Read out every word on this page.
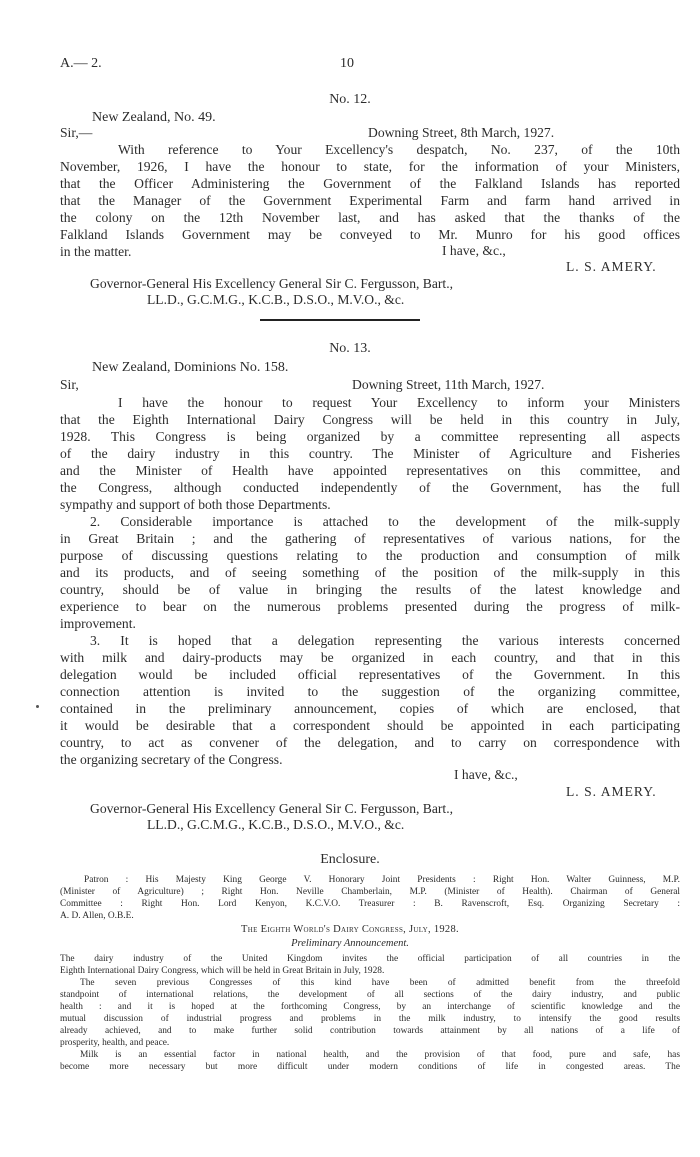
A.— 2.	10
No. 12.
New Zealand, No. 49.
Sir,—	Downing Street, 8th March, 1927.
With reference to Your Excellency's despatch, No. 237, of the 10th
November, 1926, I have the honour to state, for the information of your Ministers,
that the Officer Administering the Government of the Falkland Islands has reported
that the Manager of the Government Experimental Farm and farm hand arrived in
the colony on the 12th November last, and has asked that the thanks of the
Falkland Islands Government may be conveyed to Mr. Munro for his good offices
in the matter.	I have, &c.,
L. S. AMERY.
Governor-General His Excellency General Sir C. Fergusson, Bart.,
LL.D., G.C.M.G., K.C.B., D.S.O., M.V.O., &c.
No. 13.
New Zealand, Dominions No. 158.
Sir,	Downing Street, 11th March, 1927.
I have the honour to request Your Excellency to inform your Ministers
that the Eighth International Dairy Congress will be held in this country in July,
1928. This Congress is being organized by a committee representing all aspects
of the dairy industry in this country. The Minister of Agriculture and Fisheries
and the Minister of Health have appointed representatives on this committee, and
the Congress, although conducted independently of the Government, has the full
sympathy and support of both those Departments.
2. Considerable importance is attached to the development of the milk-supply
in Great Britain ; and the gathering of representatives of various nations, for the
purpose of discussing questions relating to the production and consumption of milk
and its products, and of seeing something of the position of the milk-supply in this
country, should be of value in bringing the results of the latest knowledge and
experience to bear on the numerous problems presented during the progress of milk-
improvement.
3. It is hoped that a delegation representing the various interests concerned
with milk and dairy-products may be organized in each country, and that in this
delegation would be included official representatives of the Government. In this
connection attention is invited to the suggestion of the organizing committee,
contained in the preliminary announcement, copies of which are enclosed, that
it would be desirable that a correspondent should be appointed in each participating
country, to act as convener of the delegation, and to carry on correspondence with
the organizing secretary of the Congress.
I have, &c.,
L. S. AMERY.
Governor-General His Excellency General Sir C. Fergusson, Bart.,
LL.D., G.C.M.G., K.C.B., D.S.O., M.V.O., &c.
Enclosure.
Patron : His Majesty King George V. Honorary Joint Presidents : Right Hon. Walter Guinness, M.P.
(Minister of Agriculture) ; Right Hon. Neville Chamberlain, M.P. (Minister of Health). Chairman of General
Committee : Right Hon. Lord Kenyon, K.C.V.O. Treasurer : B. Ravenscroft, Esq. Organizing Secretary :
A. D. Allen, O.B.E.
The Eighth World's Dairy Congress, July, 1928.
Preliminary Announcement.
The dairy industry of the United Kingdom invites the official participation of all countries in the
Eighth International Dairy Congress, which will be held in Great Britain in July, 1928.
The seven previous Congresses of this kind have been of admitted benefit from the threefold
standpoint of international relations, the development of all sections of the dairy industry, and public
health : and it is hoped at the forthcoming Congress, by an interchange of scientific knowledge and the
mutual discussion of industrial progress and problems in the milk industry, to intensify the good results
already achieved, and to make further solid contribution towards attainment by all nations of a life of
prosperity, health, and peace.
Milk is an essential factor in national health, and the provision of that food, pure and safe, has
become more necessary but more difficult under modern conditions of life in congested areas. The
